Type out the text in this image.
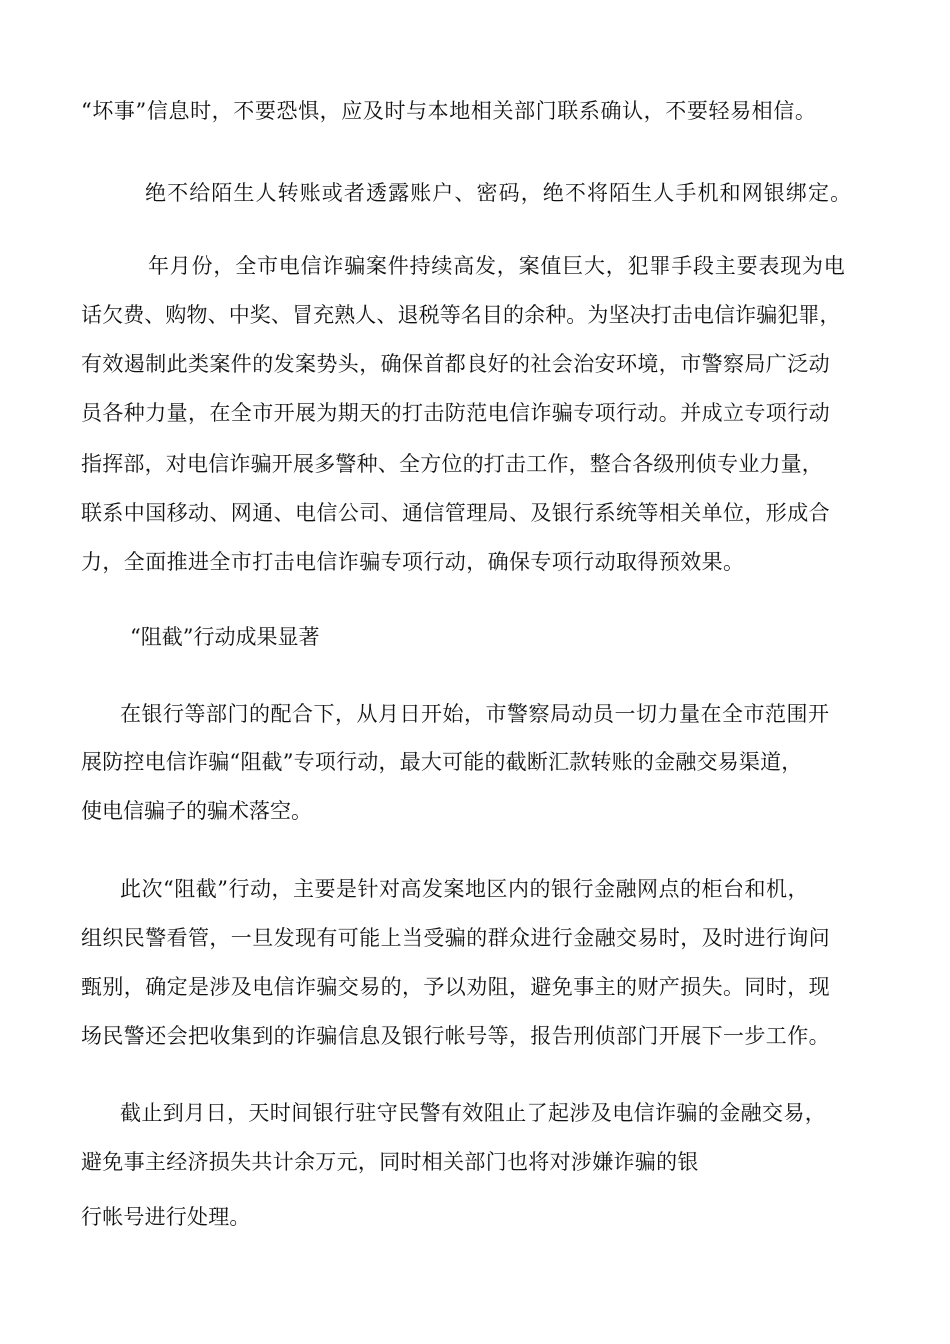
“坏事”信息时，不要恐惧，应及时与本地相关部门联系确认，不要轻易相信。

绝不给陌生人转账或者透露账户、密码，绝不将陌生人手机和网银绑定。

年月份，全市电信诈骗案件持续高发，案值巨大，犯罪手段主要表现为电

话欠费、购物、中奖、冒充熟人、退税等名目的余种。为坚决打击电信诈骗犯罪，

有效遏制此类案件的发案势头，确保首都良好的社会治安环境，市警察局广泛动

员各种力量，在全市开展为期天的打击防范电信诈骗专项行动。并成立专项行动

指挥部，对电信诈骗开展多警种、全方位的打击工作，整合各级刑侦专业力量，

联系中国移动、网通、电信公司、通信管理局、及银行系统等相关单位，形成合

力，全面推进全市打击电信诈骗专项行动，确保专项行动取得预效果。

“阻截”行动成果显著

在银行等部门的配合下，从月日开始，市警察局动员一切力量在全市范围开

展防控电信诈骗“阻截”专项行动，最大可能的截断汇款转账的金融交易渠道，

使电信骗子的骗术落空。

此次“阻截”行动，主要是针对高发案地区内的银行金融网点的柜台和机，

组织民警看管，一旦发现有可能上当受骗的群众进行金融交易时，及时进行询问

甄别，确定是涉及电信诈骗交易的，予以劝阻，避免事主的财产损失。同时，现

场民警还会把收集到的诈骗信息及银行帐号等，报告刑侦部门开展下一步工作。

截止到月日，天时间银行驻守民警有效阻止了起涉及电信诈骗的金融交易，

避免事主经济损失共计余万元，同时相关部门也将对涉嫌诈骗的银

行帐号进行处理。
